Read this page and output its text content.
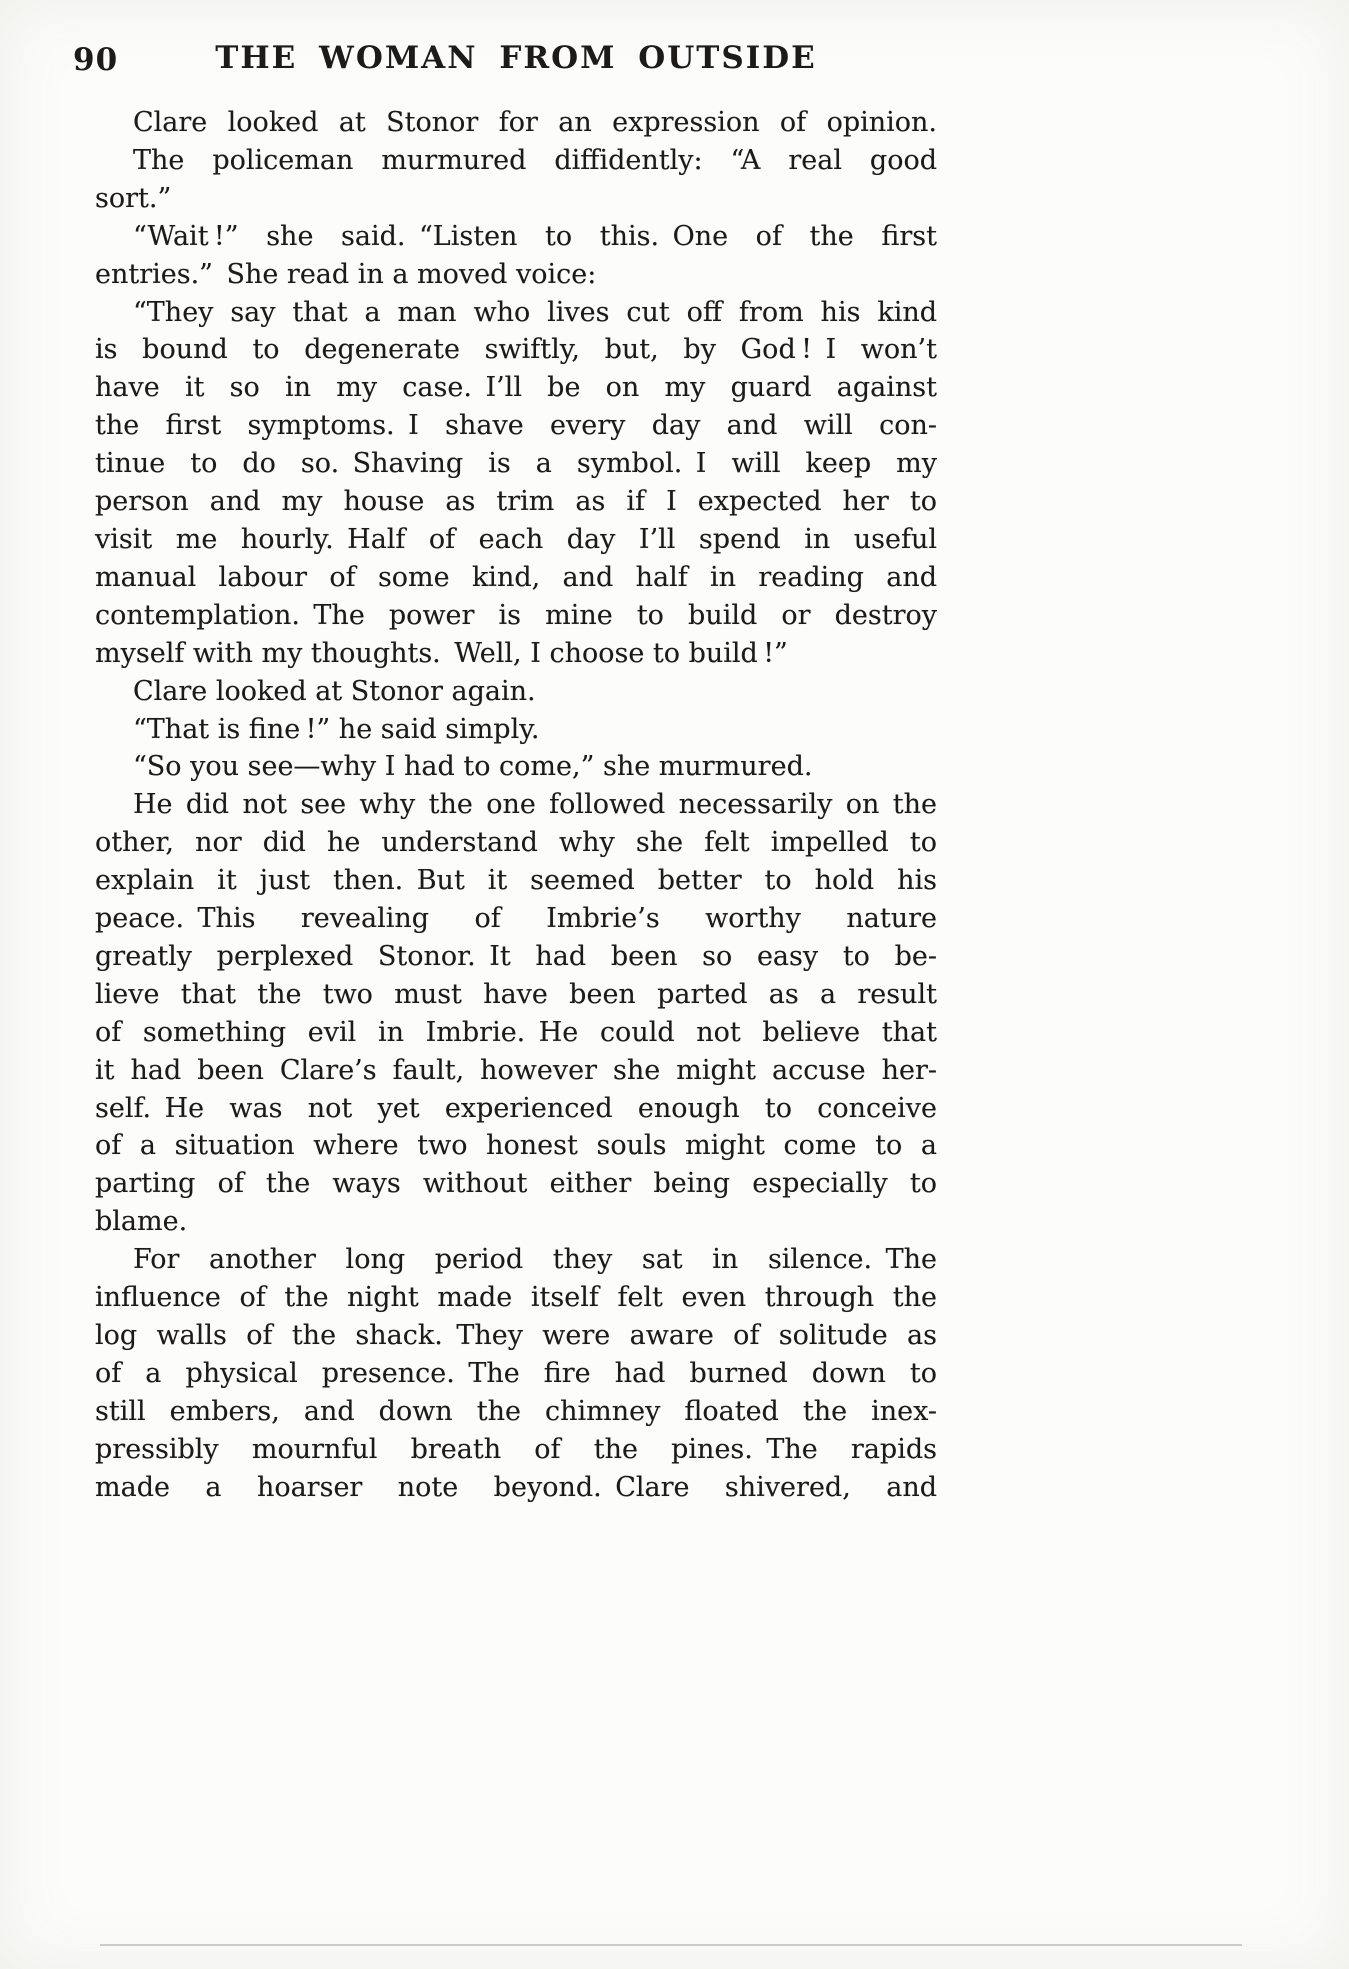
90	THE WOMAN FROM OUTSIDE
Clare looked at Stonor for an expression of opinion.
The policeman murmured diffidently: “A real good
sort.”
“Wait !” she said. “Listen to this. One of the first
entries.” She read in a moved voice:
“They say that a man who lives cut off from his kind
is bound to degenerate swiftly, but, by God ! I won’t
have it so in my case. I’ll be on my guard against
the first symptoms. I shave every day and will con-
tinue to do so. Shaving is a symbol. I will keep my
person and my house as trim as if I expected her to
visit me hourly. Half of each day I’ll spend in useful
manual labour of some kind, and half in reading and
contemplation. The power is mine to build or destroy
myself with my thoughts. Well, I choose to build !”
Clare looked at Stonor again.
“That is fine !” he said simply.
“So you see—why I had to come,” she murmured.
He did not see why the one followed necessarily on the
other, nor did he understand why she felt impelled to
explain it just then. But it seemed better to hold his
peace. This revealing of Imbrie’s worthy nature
greatly perplexed Stonor. It had been so easy to be-
lieve that the two must have been parted as a result
of something evil in Imbrie. He could not believe that
it had been Clare’s fault, however she might accuse her-
self. He was not yet experienced enough to conceive
of a situation where two honest souls might come to a
parting of the ways without either being especially to
blame.
For another long period they sat in silence. The
influence of the night made itself felt even through the
log walls of the shack. They were aware of solitude as
of a physical presence. The fire had burned down to
still embers, and down the chimney floated the inex-
pressibly mournful breath of the pines. The rapids
made a hoarser note beyond. Clare shivered, and
